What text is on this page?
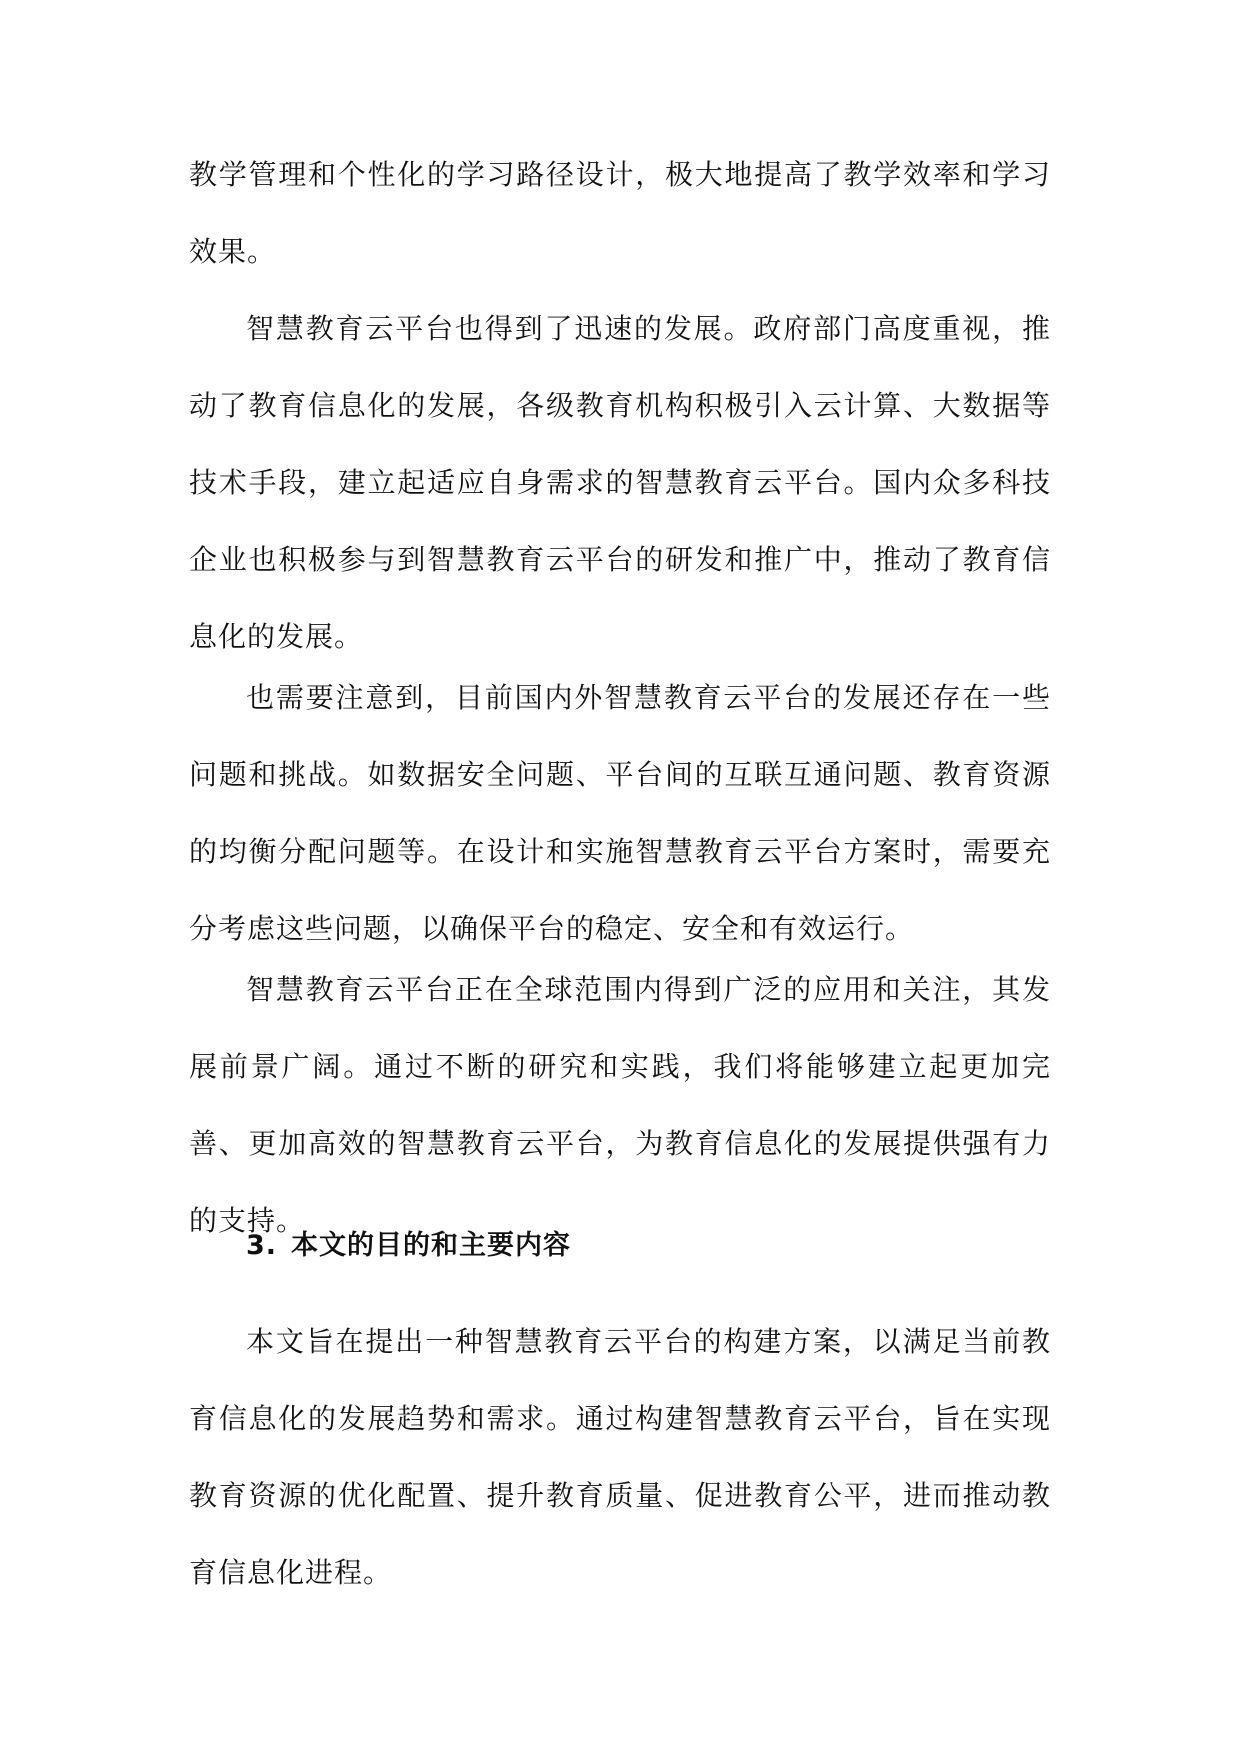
教学管理和个性化的学习路径设计，极大地提高了教学效率和学习效果。

智慧教育云平台也得到了迅速的发展。政府部门高度重视，推动了教育信息化的发展，各级教育机构积极引入云计算、大数据等技术手段，建立起适应自身需求的智慧教育云平台。国内众多科技企业也积极参与到智慧教育云平台的研发和推广中，推动了教育信息化的发展。

也需要注意到，目前国内外智慧教育云平台的发展还存在一些问题和挑战。如数据安全问题、平台间的互联互通问题、教育资源的均衡分配问题等。在设计和实施智慧教育云平台方案时，需要充分考虑这些问题，以确保平台的稳定、安全和有效运行。

智慧教育云平台正在全球范围内得到广泛的应用和关注，其发展前景广阔。通过不断的研究和实践，我们将能够建立起更加完善、更加高效的智慧教育云平台，为教育信息化的发展提供强有力的支持。

3. 本文的目的和主要内容

本文旨在提出一种智慧教育云平台的构建方案，以满足当前教育信息化的发展趋势和需求。通过构建智慧教育云平台，旨在实现教育资源的优化配置、提升教育质量、促进教育公平，进而推动教育信息化进程。
